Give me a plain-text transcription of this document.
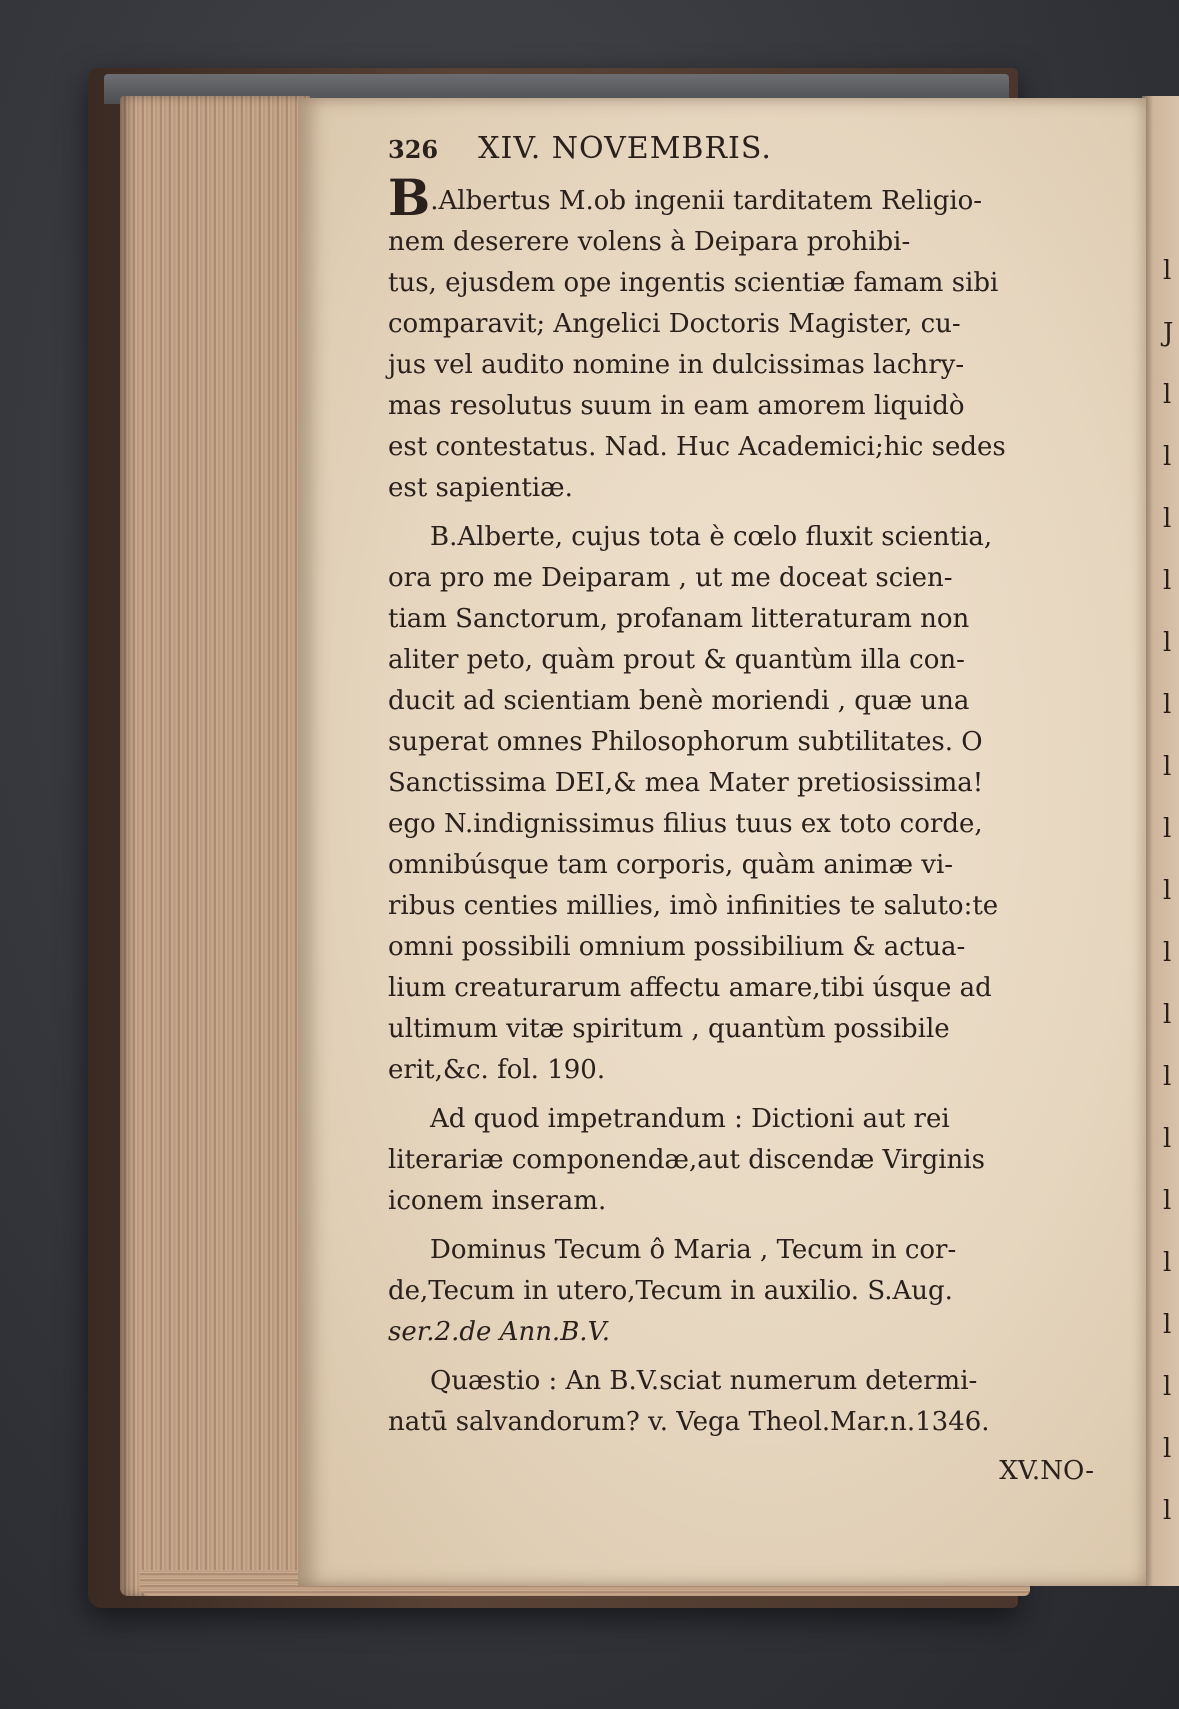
l
J
l
l
l
l
l
l
l
l
l
l
l
l
l
l
l
l
l
l
l
326 XIV. NOVEMBRIS.
B.Albertus M.ob ingenii tarditatem Religio-
nem deserere volens à Deipara prohibi-
tus, ejusdem ope ingentis scientiæ famam sibi
comparavit; Angelici Doctoris Magister, cu-
jus vel audito nomine in dulcissimas lachry-
mas resolutus suum in eam amorem liquidò
est contestatus. Nad. Huc Academici;hic sedes
est sapientiæ.
B.Alberte, cujus tota è cœlo fluxit scientia,
ora pro me Deiparam , ut me doceat scien-
tiam Sanctorum, profanam litteraturam non
aliter peto, quàm prout & quantùm illa con-
ducit ad scientiam benè moriendi , quæ una
superat omnes Philosophorum subtilitates. O
Sanctissima DEI,& mea Mater pretiosissima!
ego N.indignissimus filius tuus ex toto corde,
omnibúsque tam corporis, quàm animæ vi-
ribus centies millies, imò infinities te saluto:te
omni possibili omnium possibilium & actua-
lium creaturarum affectu amare,tibi úsque ad
ultimum vitæ spiritum , quantùm possibile
erit,&c. fol. 190.
Ad quod impetrandum : Dictioni aut rei
literariæ componendæ,aut discendæ Virginis
iconem inseram.
Dominus Tecum ô Maria , Tecum in cor-
de,Tecum in utero,Tecum in auxilio. S.Aug.
ser.2.de Ann.B.V.
Quæstio : An B.V.sciat numerum determi-
natū salvandorum? v. Vega Theol.Mar.n.1346.
XV.NO-
